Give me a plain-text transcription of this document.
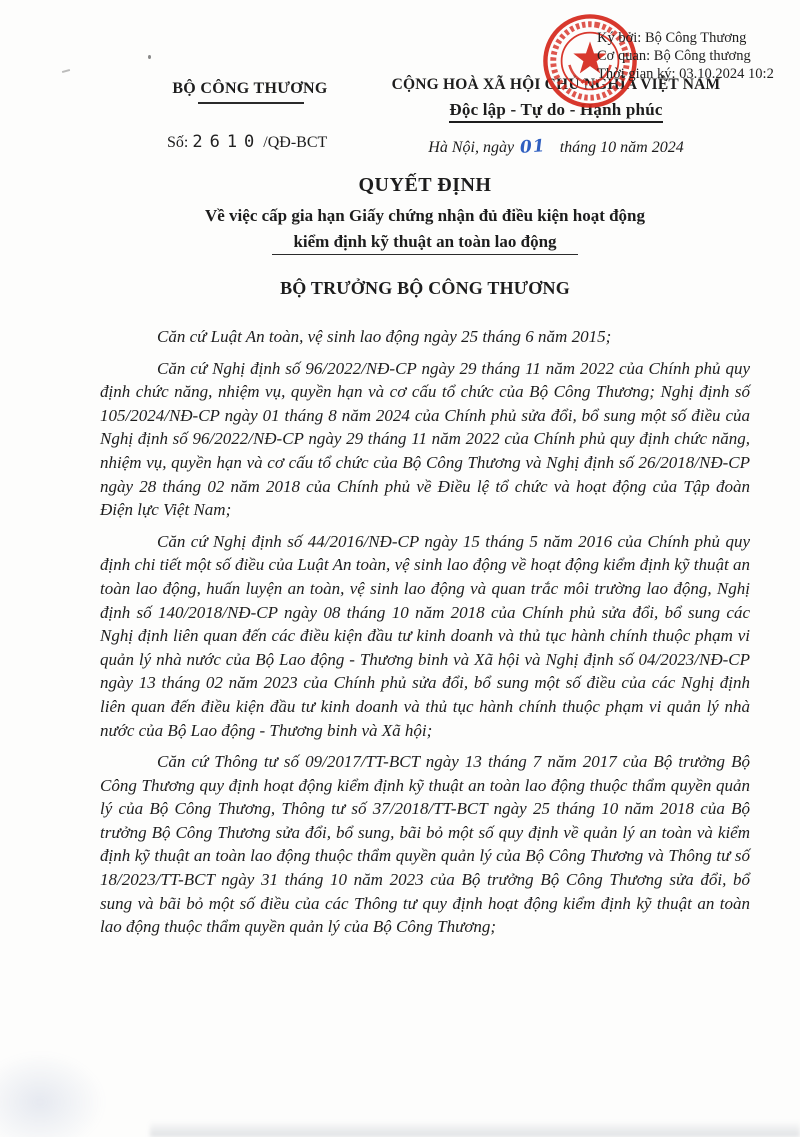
BỘ CÔNG THƯƠNG	CỘNG HOÀ XÃ HỘI CHỦ NGHĨA VIỆT NAM
Độc lập - Tự do - Hạnh phúc
Số: 2610 /QĐ-BCT	Hà Nội, ngày 01 tháng 10 năm 2024
Ký bởi: Bộ Công Thương
Cơ quan: Bộ Công thương
Thời gian ký: 03.10.2024 10:2
QUYẾT ĐỊNH
Về việc cấp gia hạn Giấy chứng nhận đủ điều kiện hoạt động
kiểm định kỹ thuật an toàn lao động
BỘ TRƯỞNG BỘ CÔNG THƯƠNG

Căn cứ Luật An toàn, vệ sinh lao động ngày 25 tháng 6 năm 2015;

Căn cứ Nghị định số 96/2022/NĐ-CP ngày 29 tháng 11 năm 2022 của Chính phủ quy định chức năng, nhiệm vụ, quyền hạn và cơ cấu tổ chức của Bộ Công Thương; Nghị định số 105/2024/NĐ-CP ngày 01 tháng 8 năm 2024 của Chính phủ sửa đổi, bổ sung một số điều của Nghị định số 96/2022/NĐ-CP ngày 29 tháng 11 năm 2022 của Chính phủ quy định chức năng, nhiệm vụ, quyền hạn và cơ cấu tổ chức của Bộ Công Thương và Nghị định số 26/2018/NĐ-CP ngày 28 tháng 02 năm 2018 của Chính phủ về Điều lệ tổ chức và hoạt động của Tập đoàn Điện lực Việt Nam;

Căn cứ Nghị định số 44/2016/NĐ-CP ngày 15 tháng 5 năm 2016 của Chính phủ quy định chi tiết một số điều của Luật An toàn, vệ sinh lao động về hoạt động kiểm định kỹ thuật an toàn lao động, huấn luyện an toàn, vệ sinh lao động và quan trắc môi trường lao động, Nghị định số 140/2018/NĐ-CP ngày 08 tháng 10 năm 2018 của Chính phủ sửa đổi, bổ sung các Nghị định liên quan đến các điều kiện đầu tư kinh doanh và thủ tục hành chính thuộc phạm vi quản lý nhà nước của Bộ Lao động - Thương binh và Xã hội và Nghị định số 04/2023/NĐ-CP ngày 13 tháng 02 năm 2023 của Chính phủ sửa đổi, bổ sung một số điều của các Nghị định liên quan đến điều kiện đầu tư kinh doanh và thủ tục hành chính thuộc phạm vi quản lý nhà nước của Bộ Lao động - Thương binh và Xã hội;

Căn cứ Thông tư số 09/2017/TT-BCT ngày 13 tháng 7 năm 2017 của Bộ trưởng Bộ Công Thương quy định hoạt động kiểm định kỹ thuật an toàn lao động thuộc thẩm quyền quản lý của Bộ Công Thương, Thông tư số 37/2018/TT-BCT ngày 25 tháng 10 năm 2018 của Bộ trưởng Bộ Công Thương sửa đổi, bổ sung, bãi bỏ một số quy định về quản lý an toàn và kiểm định kỹ thuật an toàn lao động thuộc thẩm quyền quản lý của Bộ Công Thương và Thông tư số 18/2023/TT-BCT ngày 31 tháng 10 năm 2023 của Bộ trưởng Bộ Công Thương sửa đổi, bổ sung và bãi bỏ một số điều của các Thông tư quy định hoạt động kiểm định kỹ thuật an toàn lao động thuộc thẩm quyền quản lý của Bộ Công Thương;
